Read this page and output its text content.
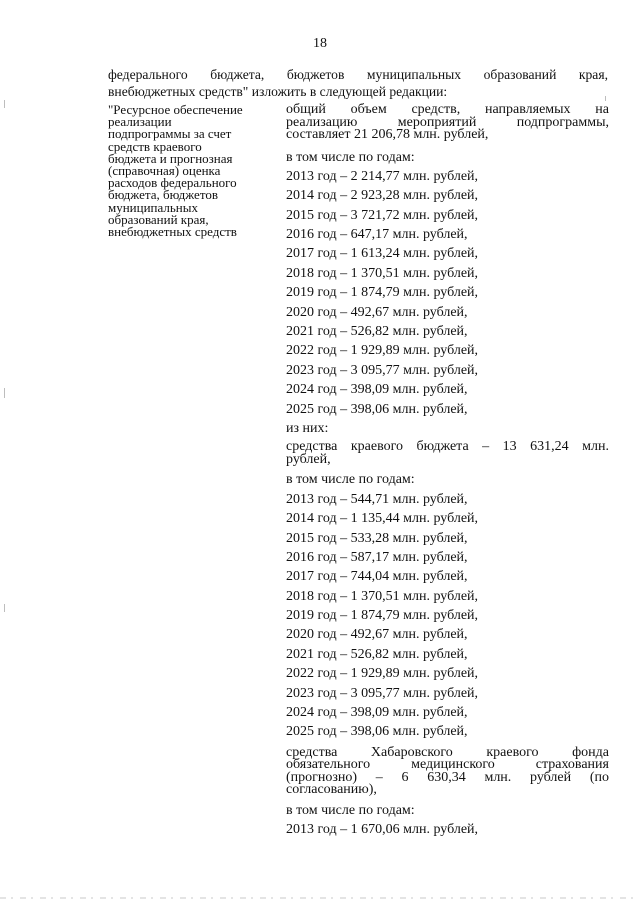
18
федерального бюджета, бюджетов муниципальных образований края,
внебюджетных средств" изложить в следующей редакции:
"Ресурсное обеспечение
реализации
подпрограммы за счет
средств краевого
бюджета и прогнозная
(справочная) оценка
расходов федерального
бюджета, бюджетов
муниципальных
образований края,
внебюджетных средств
общий объем средств, направляемых на
реализацию мероприятий подпрограммы,
составляет 21 206,78 млн. рублей,
в том числе по годам:
2013 год – 2 214,77 млн. рублей,
2014 год – 2 923,28 млн. рублей,
2015 год – 3 721,72 млн. рублей,
2016 год – 647,17 млн. рублей,
2017 год – 1 613,24 млн. рублей,
2018 год – 1 370,51 млн. рублей,
2019 год – 1 874,79 млн. рублей,
2020 год – 492,67 млн. рублей,
2021 год – 526,82 млн. рублей,
2022 год – 1 929,89 млн. рублей,
2023 год – 3 095,77 млн. рублей,
2024 год – 398,09 млн. рублей,
2025 год – 398,06 млн. рублей,
из них:
средства краевого бюджета – 13 631,24 млн.
рублей,
в том числе по годам:
2013 год – 544,71 млн. рублей,
2014 год – 1 135,44 млн. рублей,
2015 год – 533,28 млн. рублей,
2016 год – 587,17 млн. рублей,
2017 год – 744,04 млн. рублей,
2018 год – 1 370,51 млн. рублей,
2019 год – 1 874,79 млн. рублей,
2020 год – 492,67 млн. рублей,
2021 год – 526,82 млн. рублей,
2022 год – 1 929,89 млн. рублей,
2023 год – 3 095,77 млн. рублей,
2024 год – 398,09 млн. рублей,
2025 год – 398,06 млн. рублей,
средства Хабаровского краевого фонда
обязательного медицинского страхования
(прогнозно) – 6 630,34 млн. рублей (по
согласованию),
в том числе по годам:
2013 год – 1 670,06 млн. рублей,
